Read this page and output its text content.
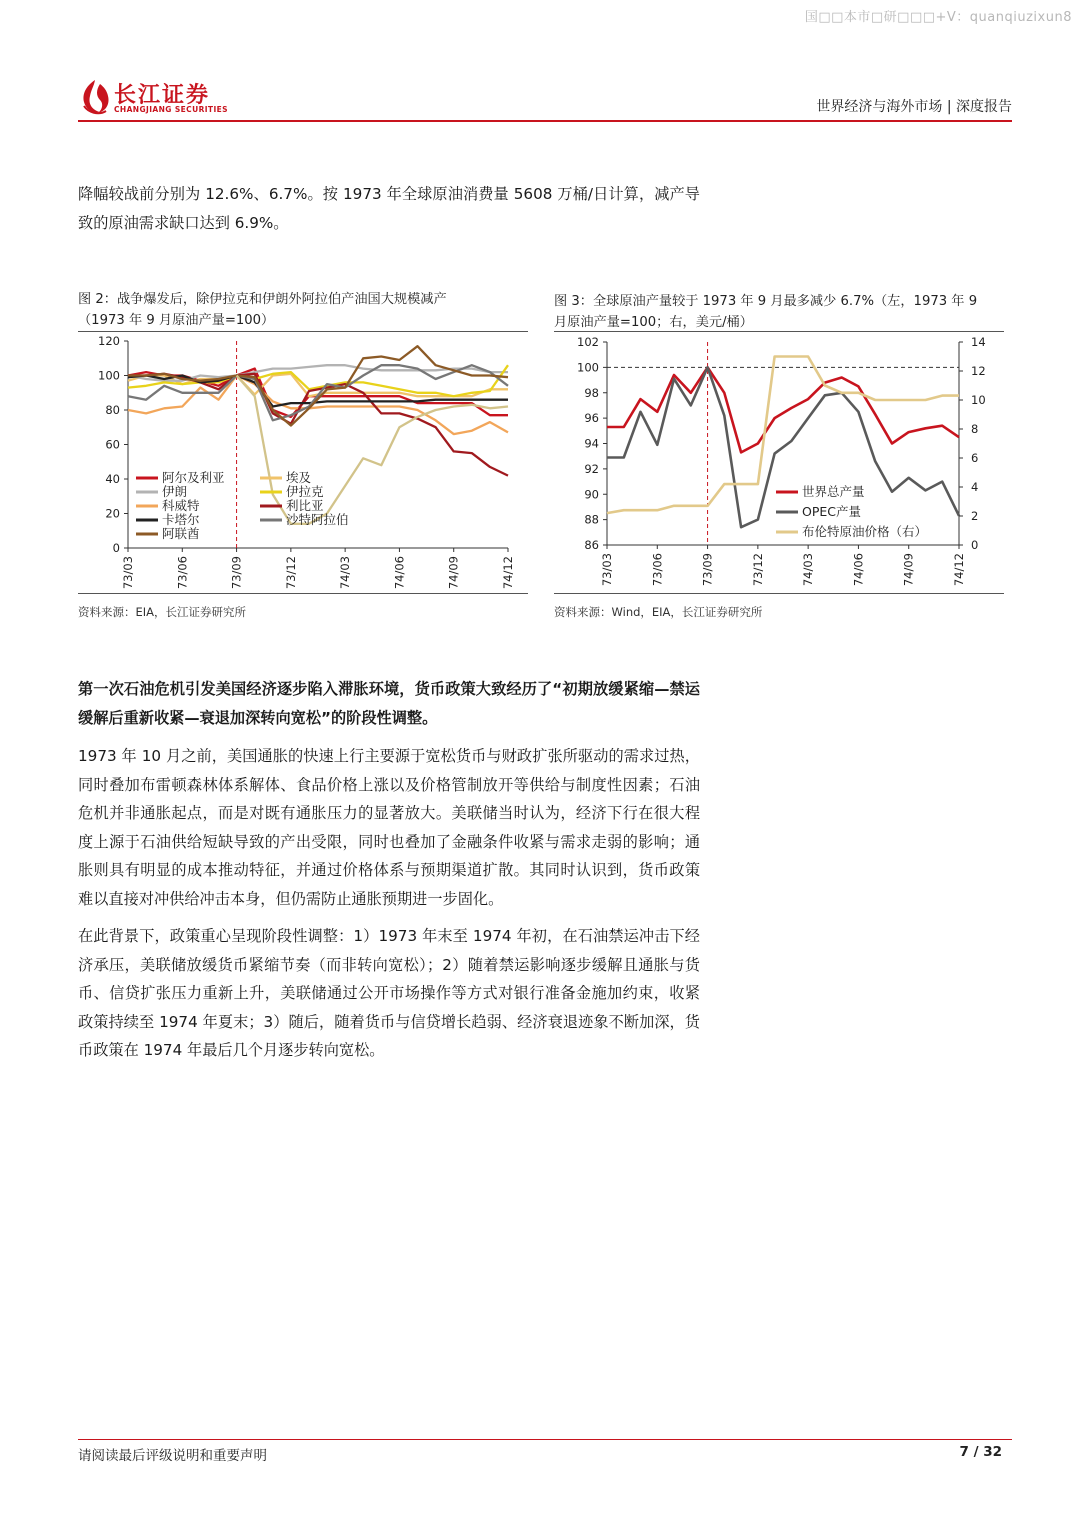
国□□本市□研□□□+V：quanqiuzixun8
长江证券
CHANGJIANG SECURITIES	世界经济与海外市场 | 深度报告
降幅较战前分别为 12.6%、6.7%。按 1973 年全球原油消费量 5608 万桶/日计算，减产导致的原油需求缺口达到 6.9%。
图 2：战争爆发后，除伊拉克和伊朗外阿拉伯产油国大规模减产
（1973 年 9 月原油产量=100）
0
20
40
60
80
100
120
73/03	73/06	73/09	73/12	74/03	74/06	74/09	74/12
阿尔及利亚	埃及
伊朗	伊拉克
科威特	利比亚
卡塔尔	沙特阿拉伯
阿联酋
资料来源：EIA，长江证券研究所
图 3：全球原油产量较于 1973 年 9 月最多减少 6.7%（左，1973 年 9
月原油产量=100；右，美元/桶）
86
88
90
92
94
96
98
100
102
0
2
4
6
8
10
12
14
73/03	73/06	73/09	73/12	74/03	74/06	74/09	74/12
世界总产量
OPEC产量
布伦特原油价格（右）
资料来源：Wind，EIA，长江证券研究所
第一次石油危机引发美国经济逐步陷入滞胀环境，货币政策大致经历了“初期放缓紧缩—禁运缓解后重新收紧—衰退加深转向宽松”的阶段性调整。
1973 年 10 月之前，美国通胀的快速上行主要源于宽松货币与财政扩张所驱动的需求过热，同时叠加布雷顿森林体系解体、食品价格上涨以及价格管制放开等供给与制度性因素；石油危机并非通胀起点，而是对既有通胀压力的显著放大。美联储当时认为，经济下行在很大程度上源于石油供给短缺导致的产出受限，同时也叠加了金融条件收紧与需求走弱的影响；通胀则具有明显的成本推动特征，并通过价格体系与预期渠道扩散。其同时认识到，货币政策难以直接对冲供给冲击本身，但仍需防止通胀预期进一步固化。
在此背景下，政策重心呈现阶段性调整：1）1973 年末至 1974 年初，在石油禁运冲击下经济承压，美联储放缓货币紧缩节奏（而非转向宽松）；2）随着禁运影响逐步缓解且通胀与货币、信贷扩张压力重新上升，美联储通过公开市场操作等方式对银行准备金施加约束，收紧政策持续至 1974 年夏末；3）随后，随着货币与信贷增长趋弱、经济衰退迹象不断加深，货币政策在 1974 年最后几个月逐步转向宽松。
请阅读最后评级说明和重要声明	7 / 32
